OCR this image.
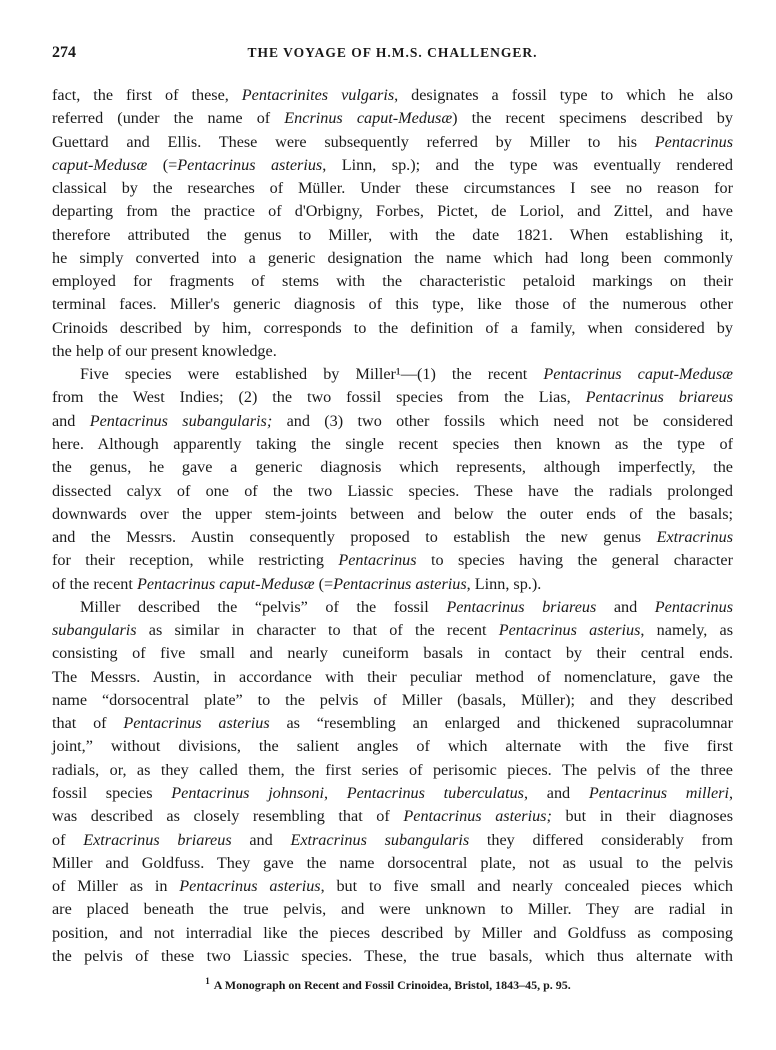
274	THE VOYAGE OF H.M.S. CHALLENGER.
fact, the first of these, Pentacrinites vulgaris, designates a fossil type to which he also
referred (under the name of Encrinus caput-Medusæ) the recent specimens described by
Guettard and Ellis. These were subsequently referred by Miller to his Pentacrinus
caput-Medusæ (=Pentacrinus asterius, Linn, sp.); and the type was eventually rendered
classical by the researches of Müller. Under these circumstances I see no reason for
departing from the practice of d'Orbigny, Forbes, Pictet, de Loriol, and Zittel, and have
therefore attributed the genus to Miller, with the date 1821. When establishing it,
he simply converted into a generic designation the name which had long been commonly
employed for fragments of stems with the characteristic petaloid markings on their
terminal faces. Miller's generic diagnosis of this type, like those of the numerous other
Crinoids described by him, corresponds to the definition of a family, when considered by
the help of our present knowledge.
Five species were established by Miller¹—(1) the recent Pentacrinus caput-Medusæ
from the West Indies; (2) the two fossil species from the Lias, Pentacrinus briareus
and Pentacrinus subangularis; and (3) two other fossils which need not be considered
here. Although apparently taking the single recent species then known as the type of
the genus, he gave a generic diagnosis which represents, although imperfectly, the
dissected calyx of one of the two Liassic species. These have the radials prolonged
downwards over the upper stem-joints between and below the outer ends of the basals;
and the Messrs. Austin consequently proposed to establish the new genus Extracrinus
for their reception, while restricting Pentacrinus to species having the general character
of the recent Pentacrinus caput-Medusæ (=Pentacrinus asterius, Linn, sp.).
Miller described the “pelvis” of the fossil Pentacrinus briareus and Pentacrinus
subangularis as similar in character to that of the recent Pentacrinus asterius, namely, as
consisting of five small and nearly cuneiform basals in contact by their central ends.
The Messrs. Austin, in accordance with their peculiar method of nomenclature, gave the
name “dorsocentral plate” to the pelvis of Miller (basals, Müller); and they described
that of Pentacrinus asterius as “resembling an enlarged and thickened supracolumnar
joint,” without divisions, the salient angles of which alternate with the five first
radials, or, as they called them, the first series of perisomic pieces. The pelvis of the three
fossil species Pentacrinus johnsoni, Pentacrinus tuberculatus, and Pentacrinus milleri,
was described as closely resembling that of Pentacrinus asterius; but in their diagnoses
of Extracrinus briareus and Extracrinus subangularis they differed considerably from
Miller and Goldfuss. They gave the name dorsocentral plate, not as usual to the pelvis
of Miller as in Pentacrinus asterius, but to five small and nearly concealed pieces which
are placed beneath the true pelvis, and were unknown to Miller. They are radial in
position, and not interradial like the pieces described by Miller and Goldfuss as composing
the pelvis of these two Liassic species. These, the true basals, which thus alternate with
$^1$ A Monograph on Recent and Fossil Crinoidea, Bristol, 1843–45, p. 95.
